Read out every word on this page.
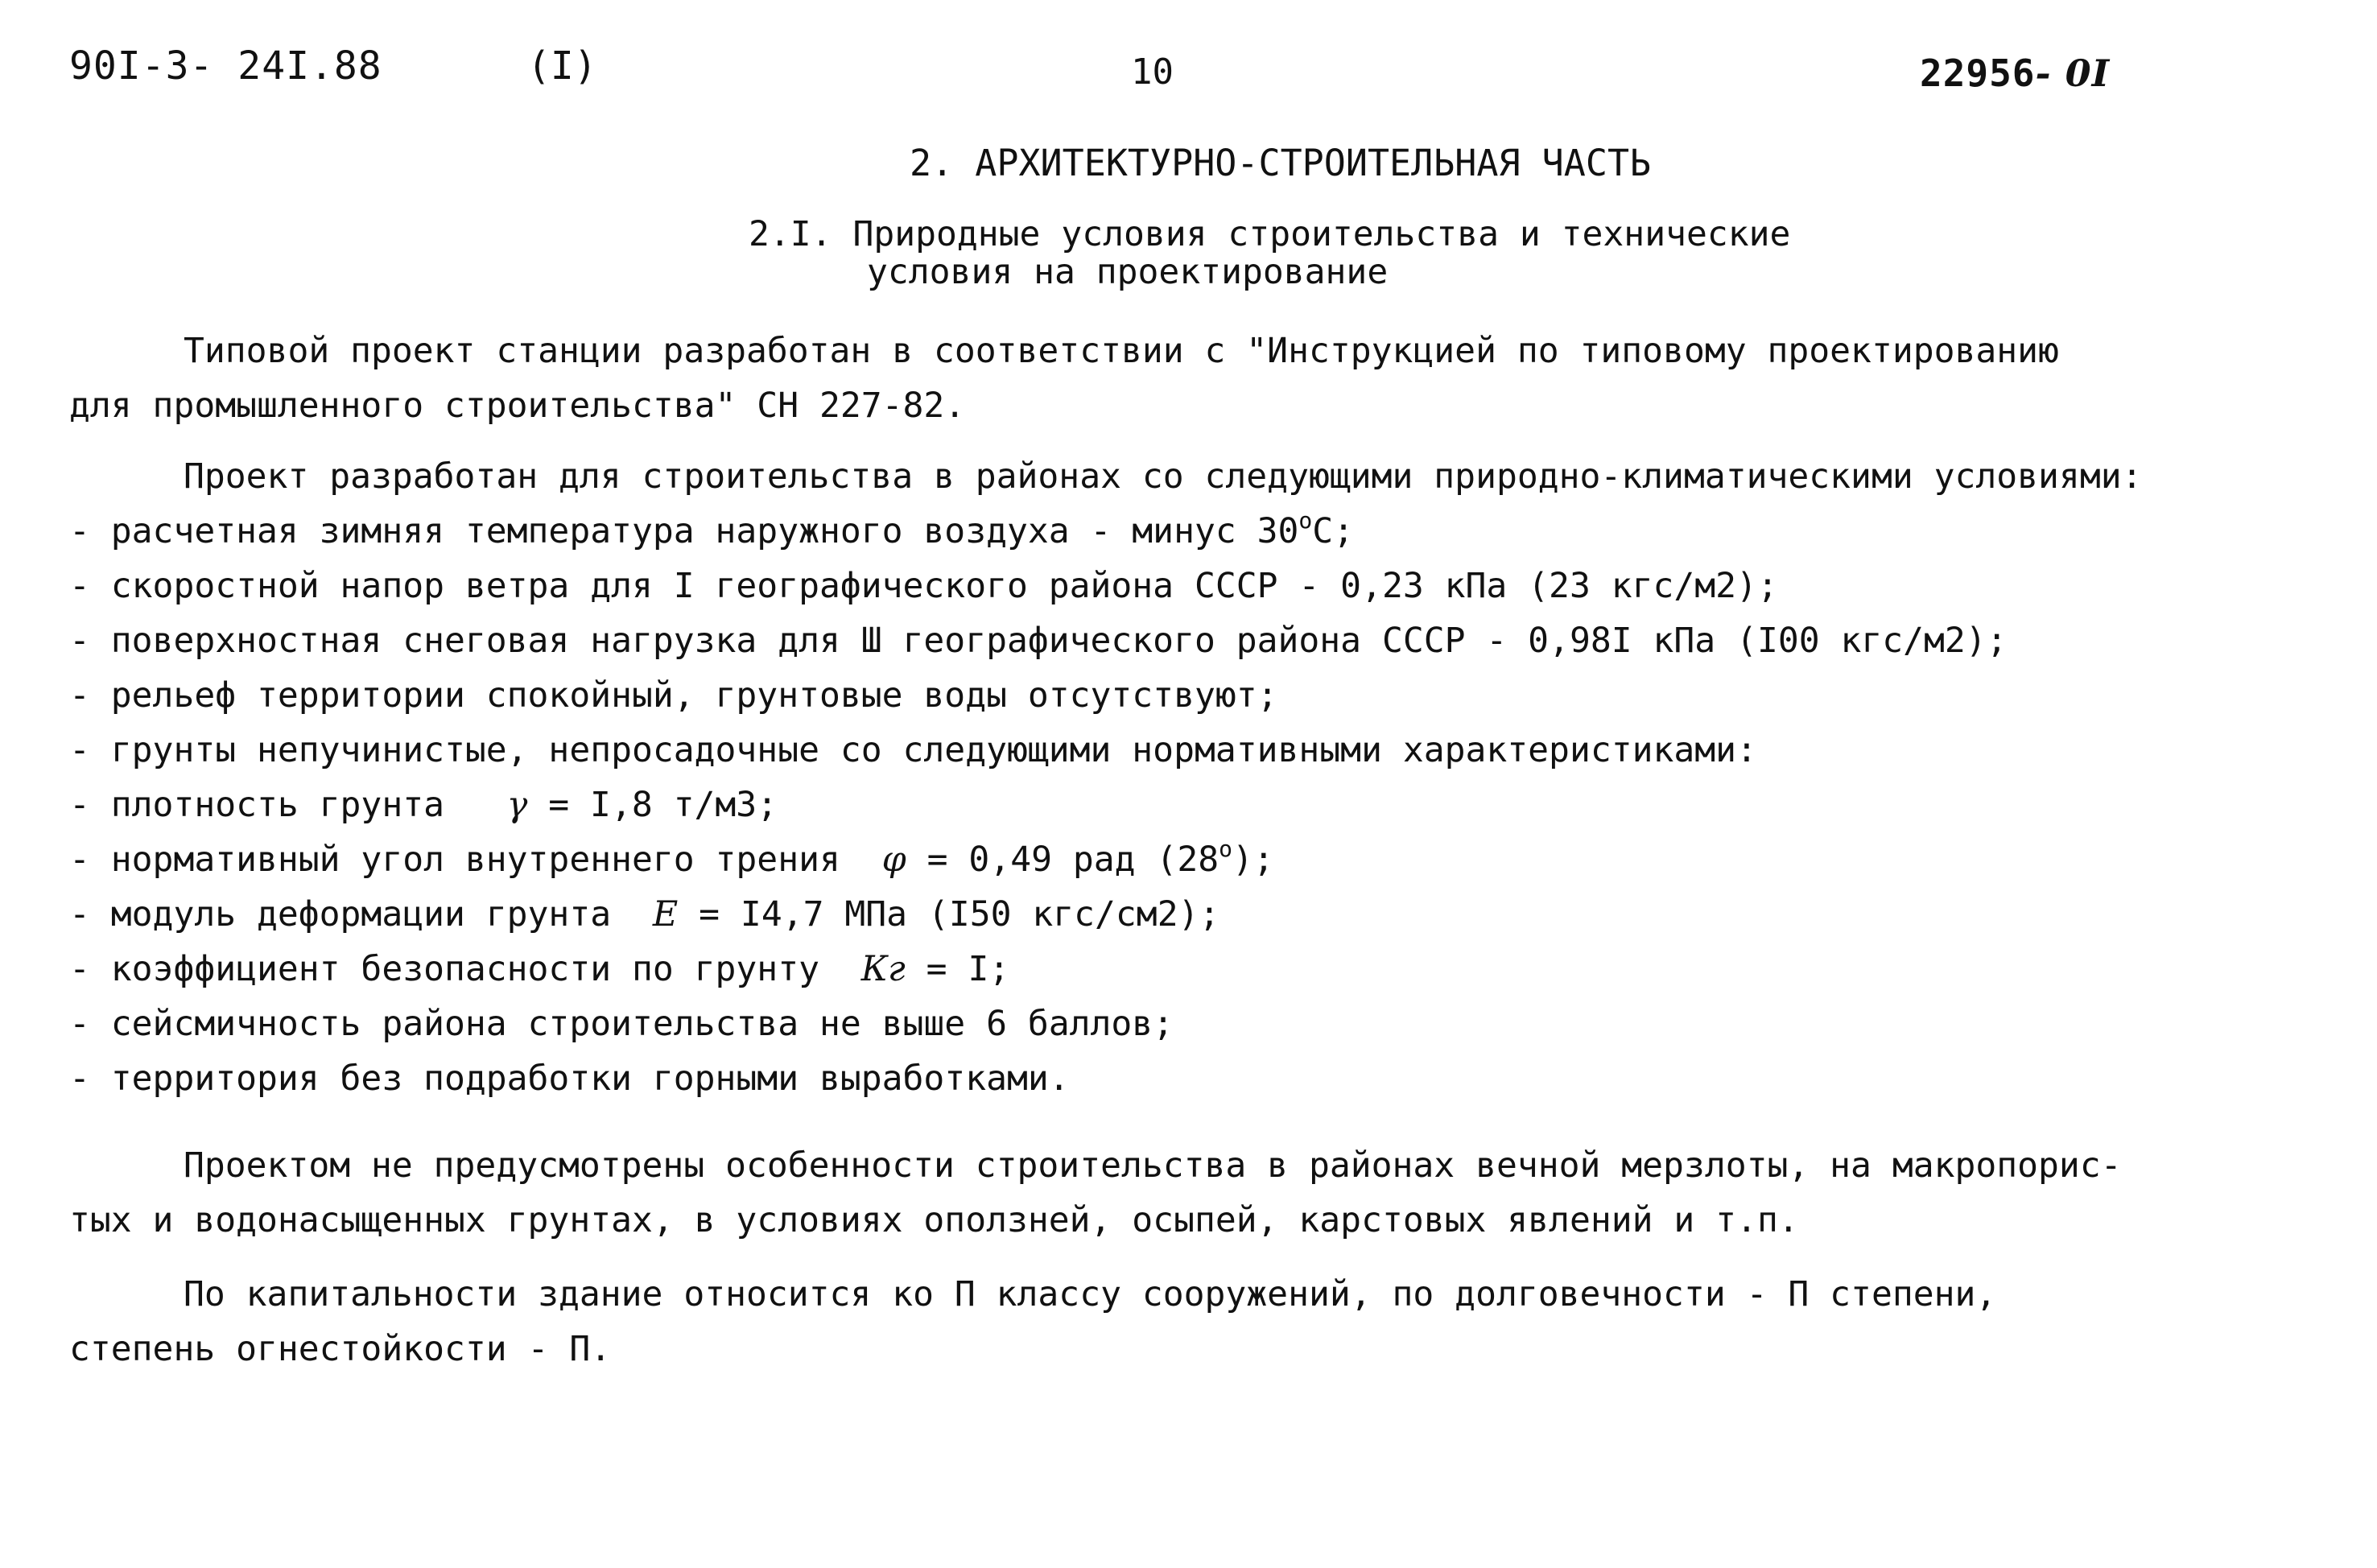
90I-3- 24I.88	(I)	10	22956- 0I
2. АРХИТЕКТУРНО-СТРОИТЕЛЬНАЯ ЧАСТЬ
2.I. Природные условия строительства и технические
условия на проектирование
Типовой проект станции разработан в соответствии с "Инструкцией по типовому проектированию
для промышленного строительства" СН 227-82.
Проект разработан для строительства в районах со следующими природно-климатическими условиями:
- расчетная зимняя температура наружного воздуха - минус $30^оС$;
- скоростной напор ветра для I географического района СССР - 0,23 кПа (23 кгс/м2);
- поверхностная снеговая нагрузка для Ш географического района СССР - 0,98I кПа (I00 кгс/м2);
- рельеф территории спокойный, грунтовые воды отсутствуют;
- грунты непучинистые, непросадочные со следующими нормативными характеристиками:
- плотность грунта γ = I,8 т/м3;
- нормативный угол внутреннего трения φ = 0,49 рад $(28^о)$;
- модуль деформации грунта Е = I4,7 МПа (I50 кгс/см2);
- коэффициент безопасности по грунту Кг = I;
- сейсмичность района строительства не выше 6 баллов;
- территория без подработки горными выработками.
Проектом не предусмотрены особенности строительства в районах вечной мерзлоты, на макропорис-
тых и водонасыщенных грунтах, в условиях оползней, осыпей, карстовых явлений и т.п.
По капитальности здание относится ко П классу сооружений, по долговечности - П степени,
степень огнестойкости - П.
